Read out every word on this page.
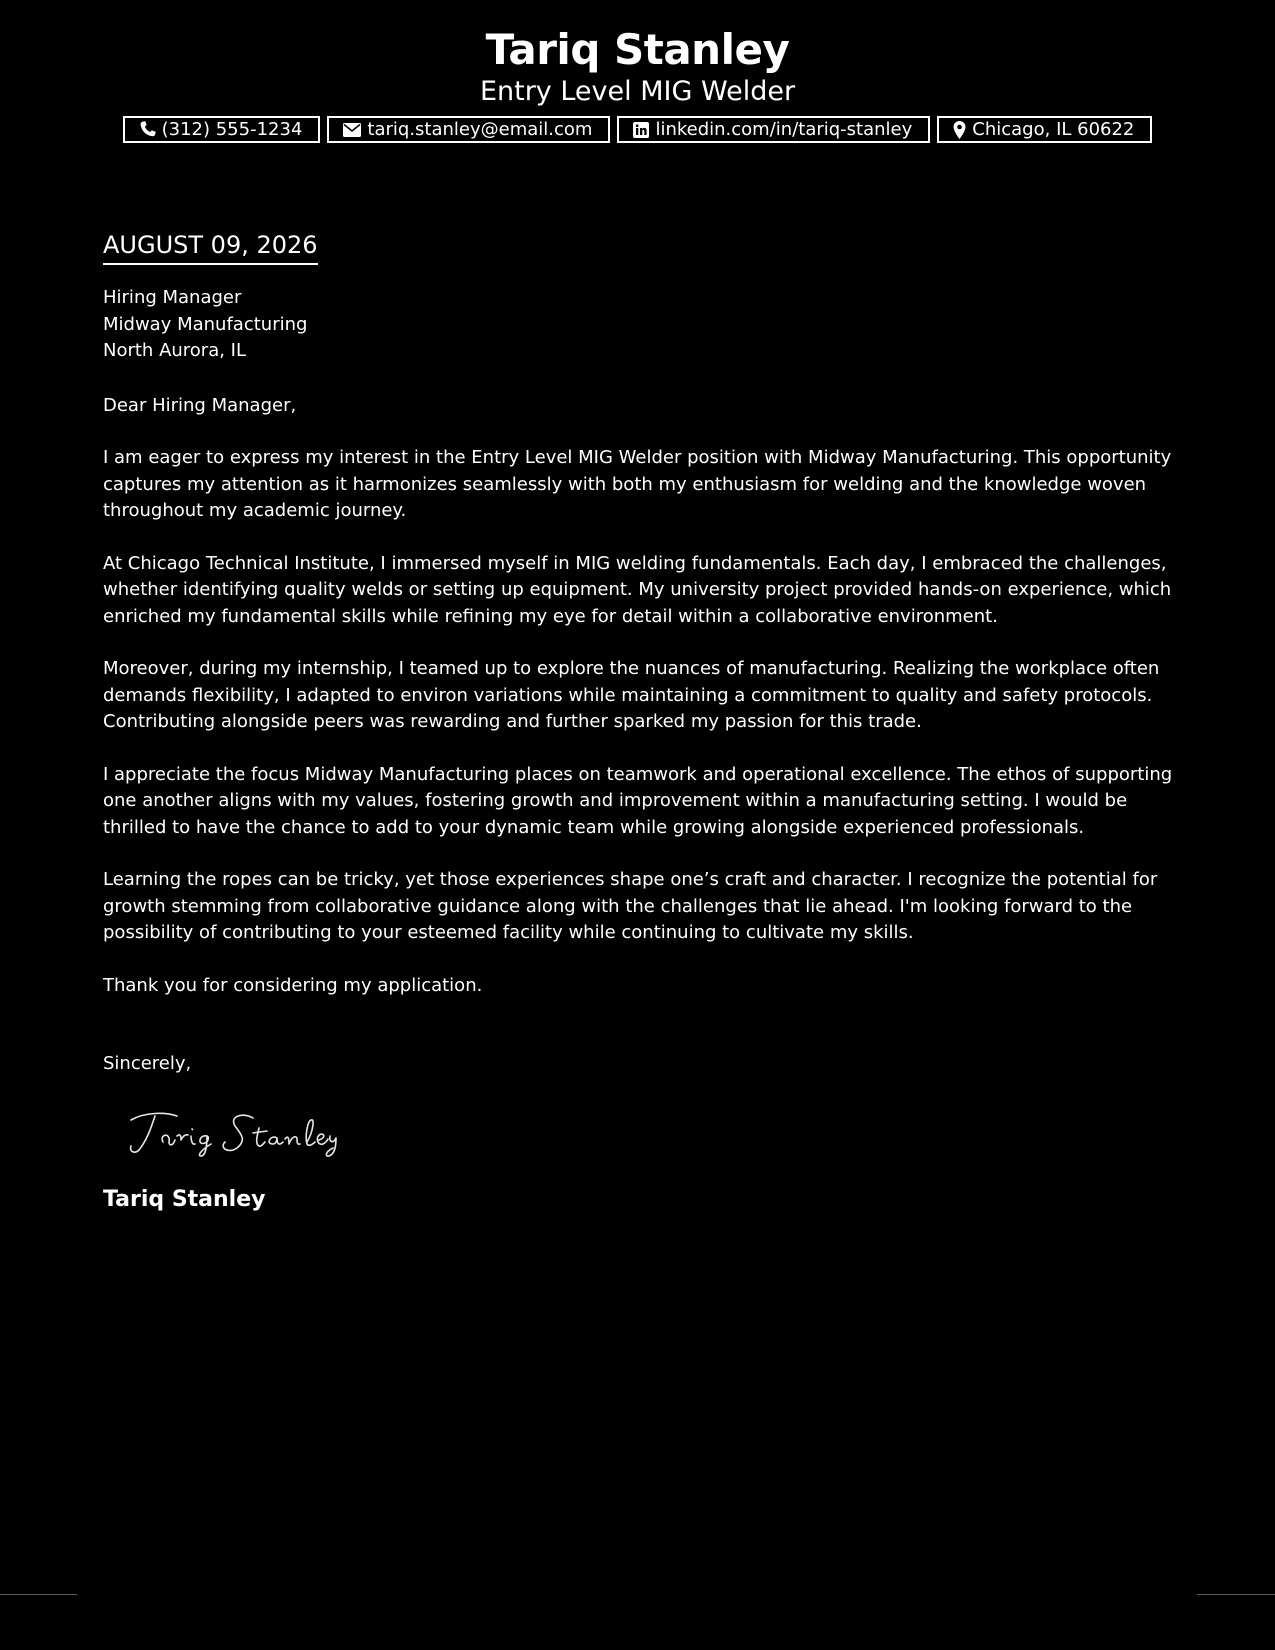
Tariq Stanley

Entry Level MIG Welder

(312) 555-1234	tariq.stanley@email.com	linkedin.com/in/tariq-stanley	Chicago, IL 60622
AUGUST 09, 2026
Hiring Manager
Midway Manufacturing
North Aurora, IL
Dear Hiring Manager,

I am eager to express my interest in the Entry Level MIG Welder position with Midway Manufacturing. This opportunity captures my attention as it harmonizes seamlessly with both my enthusiasm for welding and the knowledge woven throughout my academic journey.

At Chicago Technical Institute, I immersed myself in MIG welding fundamentals. Each day, I embraced the challenges, whether identifying quality welds or setting up equipment. My university project provided hands-on experience, which enriched my fundamental skills while refining my eye for detail within a collaborative environment.

Moreover, during my internship, I teamed up to explore the nuances of manufacturing. Realizing the workplace often demands flexibility, I adapted to environ variations while maintaining a commitment to quality and safety protocols. Contributing alongside peers was rewarding and further sparked my passion for this trade.

I appreciate the focus Midway Manufacturing places on teamwork and operational excellence. The ethos of supporting one another aligns with my values, fostering growth and improvement within a manufacturing setting. I would be thrilled to have the chance to add to your dynamic team while growing alongside experienced professionals.

Learning the ropes can be tricky, yet those experiences shape one’s craft and character. I recognize the potential for growth stemming from collaborative guidance along with the challenges that lie ahead. I'm looking forward to the possibility of contributing to your esteemed facility while continuing to cultivate my skills.

Thank you for considering my application.

Sincerely,
Tariq Stanley
